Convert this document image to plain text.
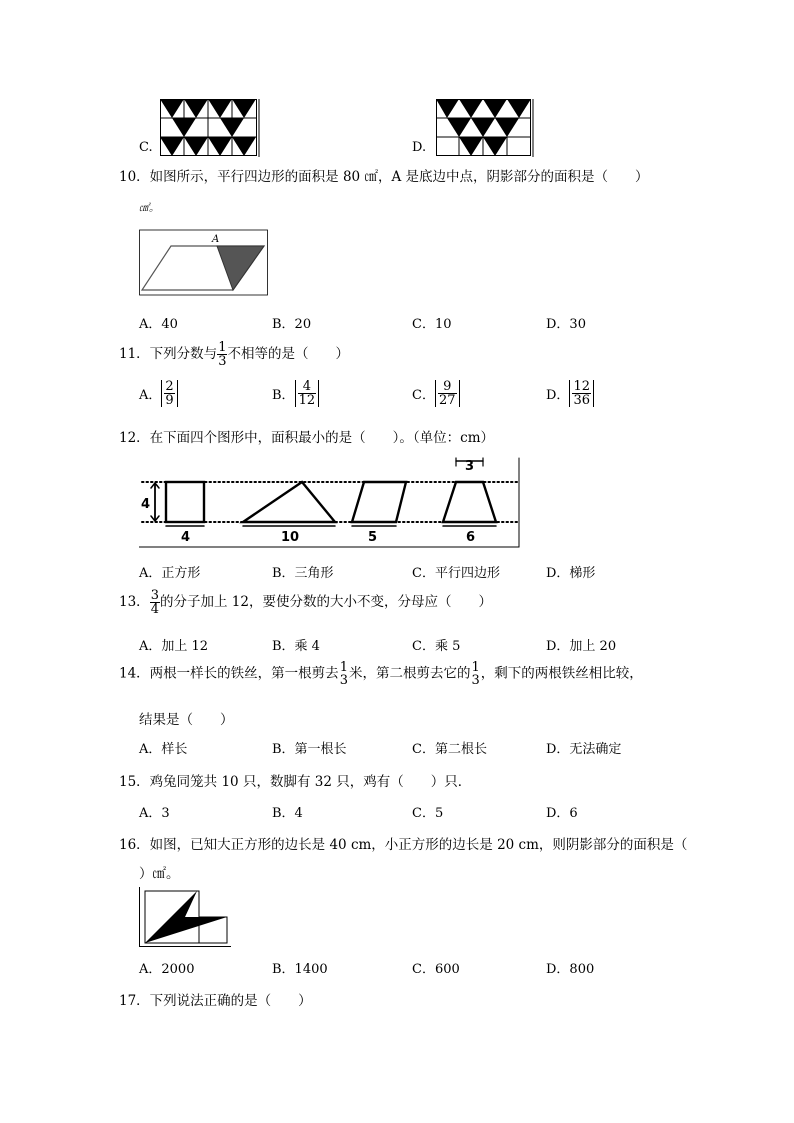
C.	D.
10．如图所示，平行四边形的面积是 80 ㎠，A 是底边中点，阴影部分的面积是（　　）
㎠。
A
A．40	B．20	C．10	D．30
11．下列分数与 $\frac{1}{3}$ 不相等的是（　　）
A． $\frac{2}{9}$	B． $\frac{4}{12}$	C． $\frac{9}{27}$	D． $\frac{12}{36}$
12．在下面四个图形中，面积最小的是（　　）。（单位：cm）
4
4	10	5
3
6
A．正方形	B．三角形	C．平行四边形	D．梯形
13． $\frac{3}{4}$ 的分子加上 12，要使分数的大小不变，分母应（　　）
A．加上 12	B．乘 4	C．乘 5	D．加上 20
14．两根一样长的铁丝，第一根剪去 1
3 米，第二根剪去它的 1
3 ，剩下的两根铁丝相比较，
结果是（　　）
A．样长	B．第一根长	C．第二根长	D．无法确定
15．鸡兔同笼共 10 只，数脚有 32 只，鸡有（　　）只．
A．3	B．4	C．5	D．6
16．如图，已知大正方形的边长是 40 cm，小正方形的边长是 20 cm，则阴影部分的面积是（
）㎠。
A．2000	B．1400	C．600	D．800
17．下列说法正确的是（　　）
